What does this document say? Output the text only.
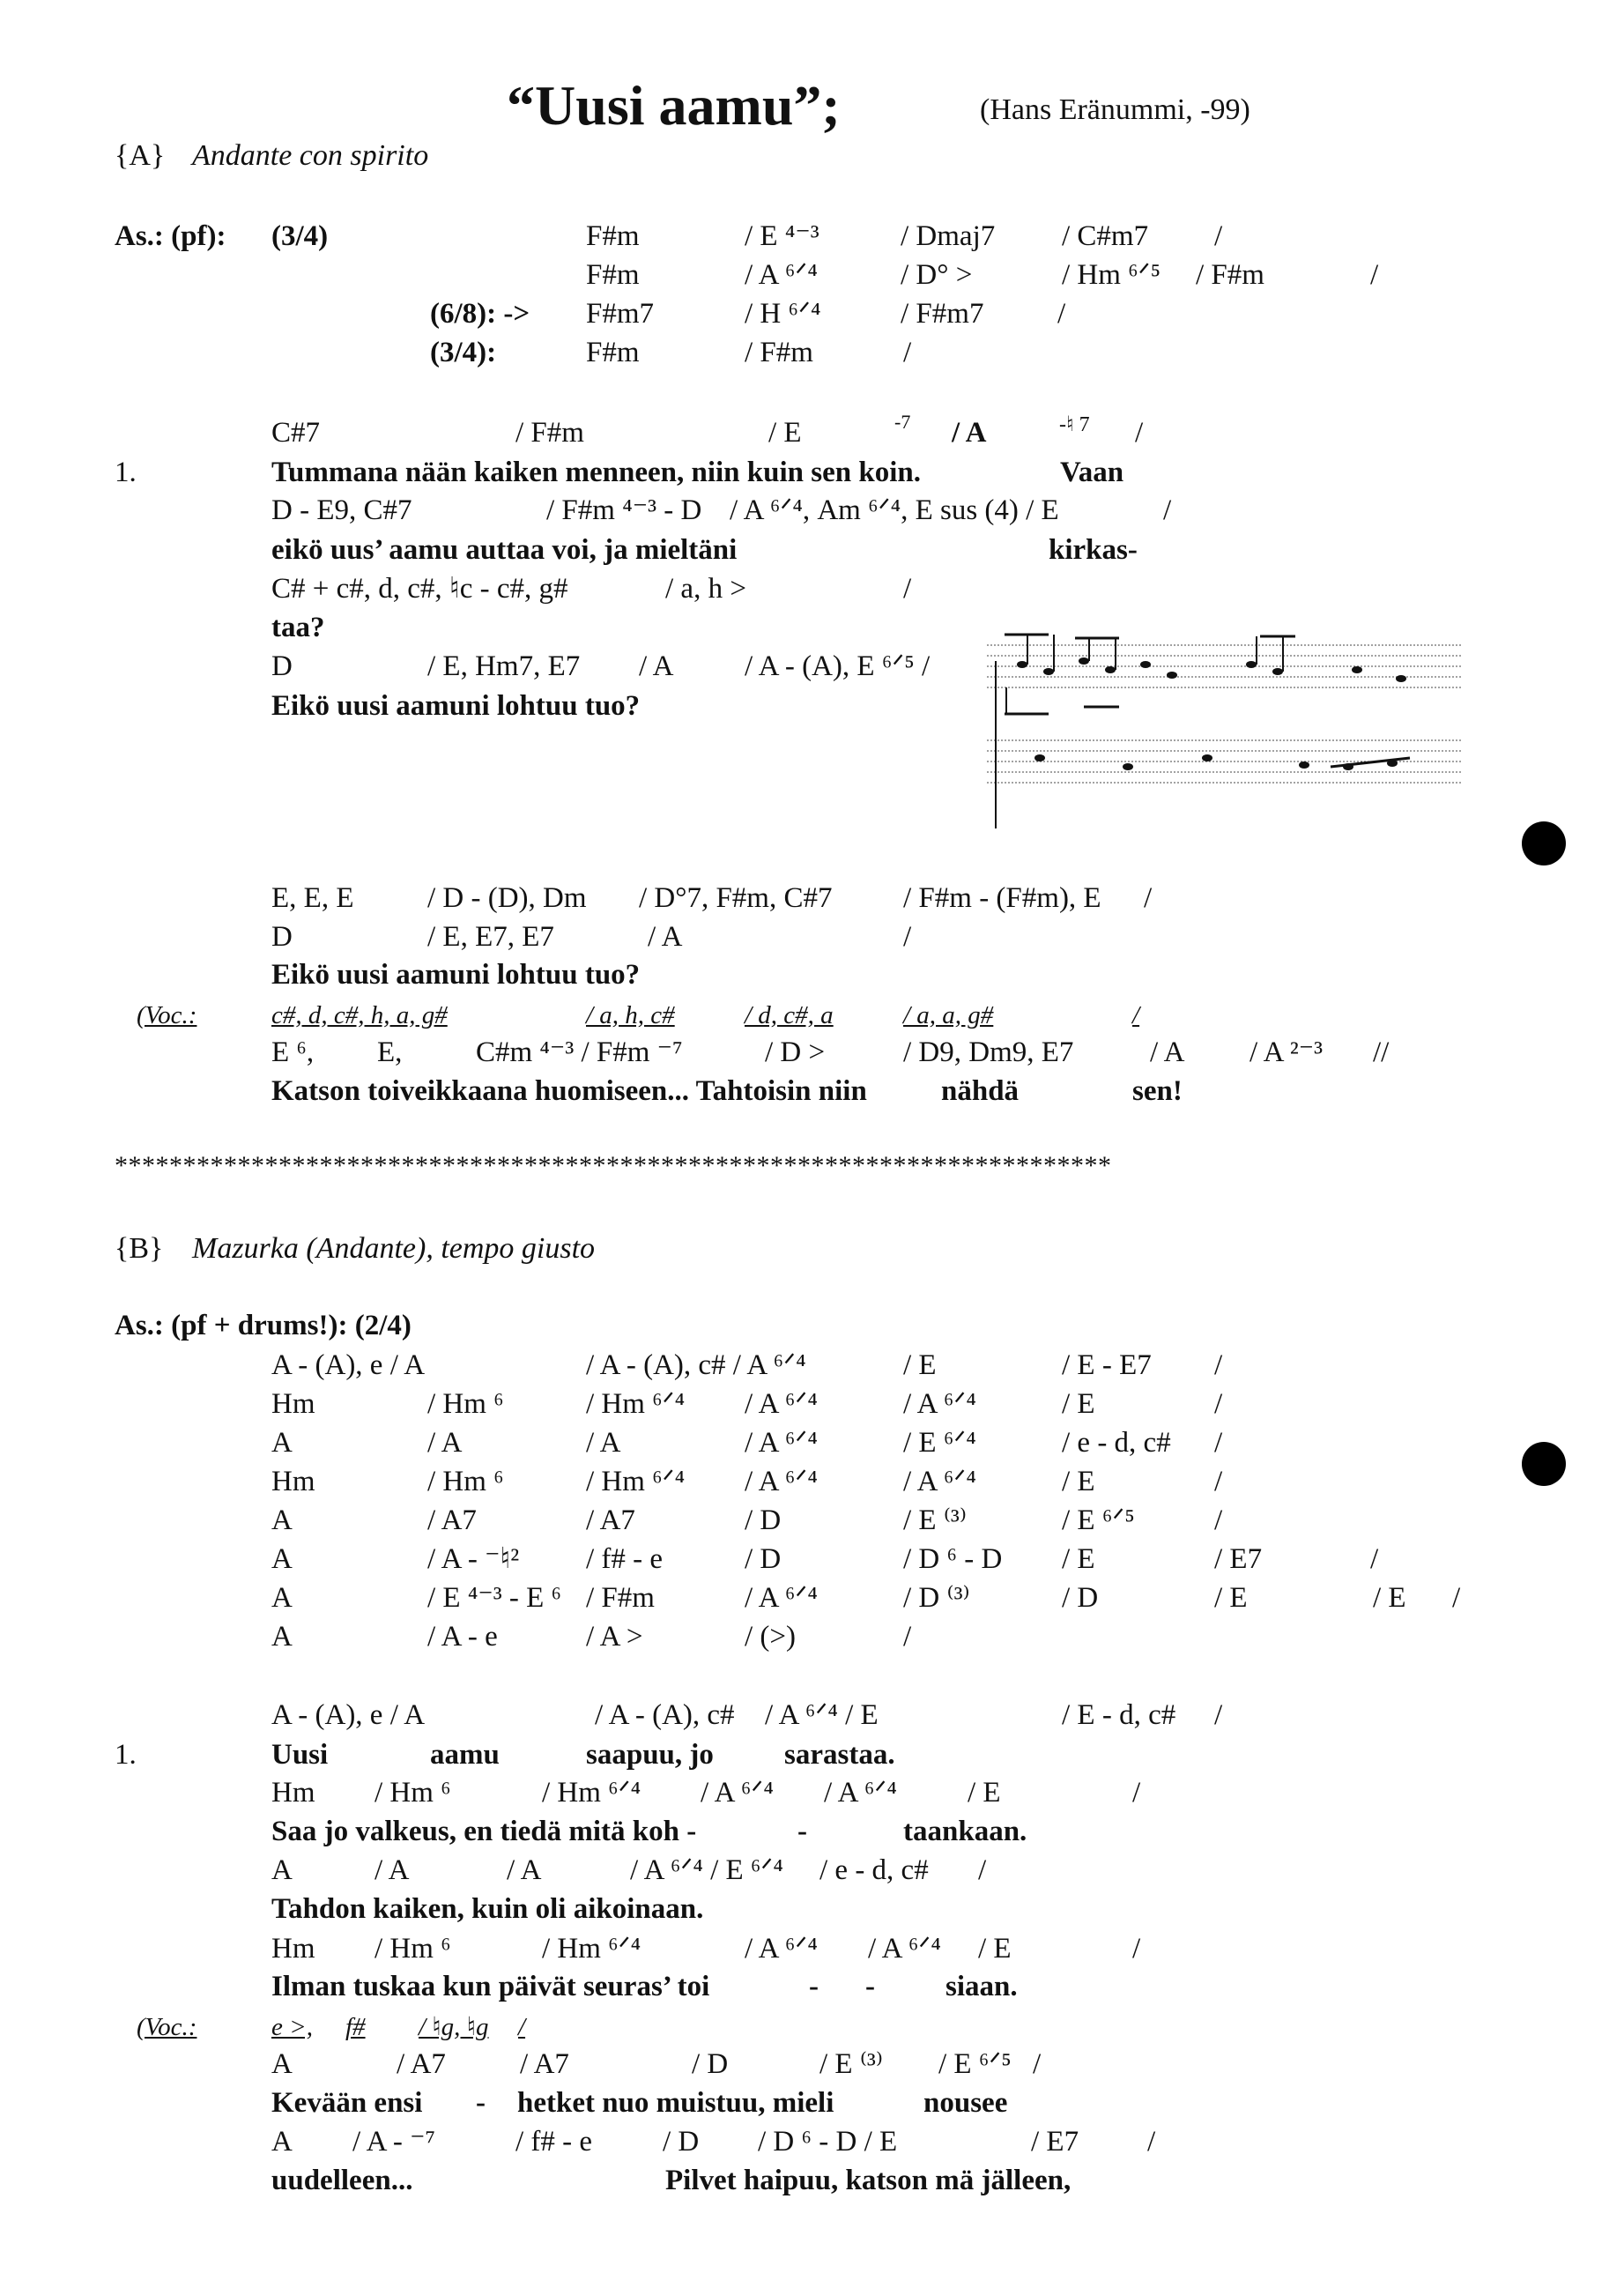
“Uusi aamu”;	(Hans Eränummi, -99)
{A} Andante con spirito
As.: (pf): (3/4)	F#m	/ E ⁴⁻³	/ Dmaj7 / C#m7 /
F#m	/ A ⁶ᐟ⁴	/ D° >	/ Hm ⁶ᐟ⁵ / F#m	/
(6/8): -> F#m7	/ H ⁶ᐟ⁴	/ F#m7	/
(3/4):	F#m	/ F#m	/
C#7	/ F#m	/ E	-7 / A	-♮ 7 /
1.	Tummana nään kaiken menneen, niin kuin sen koin.	Vaan
D - E9, C#7	/ F#m ⁴⁻³ - D / A ⁶ᐟ⁴, Am ⁶ᐟ⁴, E sus (4) / E	/
eikö uus’ aamu auttaa voi, ja mieltäni	kirkas-
C# + c#, d, c#, ♮c - c#, g#	/ a, h >	/
taa?
D	/ E, Hm7, E7 / A / A - (A), E ⁶ᐟ⁵ /
Eikö uusi aamuni lohtuu tuo?
E, E, E	/ D - (D), Dm / D°7, F#m, C#7 / F#m - (F#m), E /
D	/ E, E7, E7	/ A	/
Eikö uusi aamuni lohtuu tuo?
(Voc.:	c#, d, c#, h, a, g#	/ a, h, c#	/ d, c#, a	/ a, a, g#	/
E ⁶, E,	C#m ⁴⁻³ / F#m ⁻⁷	/ D >	/ D9, Dm9, E7	/ A / A ²⁻³ //
Katson toiveikkaana huomiseen... Tahtoisin niin	nähdä	sen!
*************************************************************************
{B} Mazurka (Andante), tempo giusto
As.: (pf + drums!): (2/4)
A - (A), e / A	/ A - (A), c# / A ⁶ᐟ⁴	/ E	/ E - E7 /
Hm	/ Hm ⁶	/ Hm ⁶ᐟ⁴ / A ⁶ᐟ⁴	/ A ⁶ᐟ⁴	/ E	/
A	/ A	/ A	/ A ⁶ᐟ⁴	/ E ⁶ᐟ⁴	/ e - d, c# /
Hm	/ Hm ⁶	/ Hm ⁶ᐟ⁴ / A ⁶ᐟ⁴	/ A ⁶ᐟ⁴	/ E	/
A	/ A7	/ A7	/ D	/ E ⁽³⁾	/ E ⁶ᐟ⁵	/
A	/ A - ⁻♮² / f# - e	/ D	/ D ⁶ - D / E	/ E7	/
A	/ E ⁴⁻³ - E ⁶ / F#m	/ A ⁶ᐟ⁴	/ D ⁽³⁾	/ D	/ E	/ E /
A	/ A - e	/ A >	/ (>)	/
A - (A), e / A	/ A - (A), c# / A ⁶ᐟ⁴ / E	/ E - d, c# /
1.	Uusi	aamu	saapuu, jo sarastaa.
Hm / Hm ⁶	/ Hm ⁶ᐟ⁴ / A ⁶ᐟ⁴ / A ⁶ᐟ⁴ / E	/
Saa jo valkeus, en tiedä mitä koh -	-	taankaan.
A	/ A	/ A	/ A ⁶ᐟ⁴ / E ⁶ᐟ⁴ / e - d, c# /
Tahdon kaiken, kuin oli aikoinaan.
Hm / Hm ⁶	/ Hm ⁶ᐟ⁴	/ A ⁶ᐟ⁴ / A ⁶ᐟ⁴ / E	/
Ilman tuskaa kun päivät seuras’ toi	- - siaan.
(Voc.:	e >, f# / ♮g, ♮g /
A	/ A7	/ A7	/ D	/ E ⁽³⁾ / E ⁶ᐟ⁵ /
Kevään ensi - hetket nuo muistuu, mieli	nousee
A / A - ⁻⁷	/ f# - e / D / D ⁶ - D / E	/ E7 /
uudelleen...	Pilvet haipuu, katson mä jälleen,
